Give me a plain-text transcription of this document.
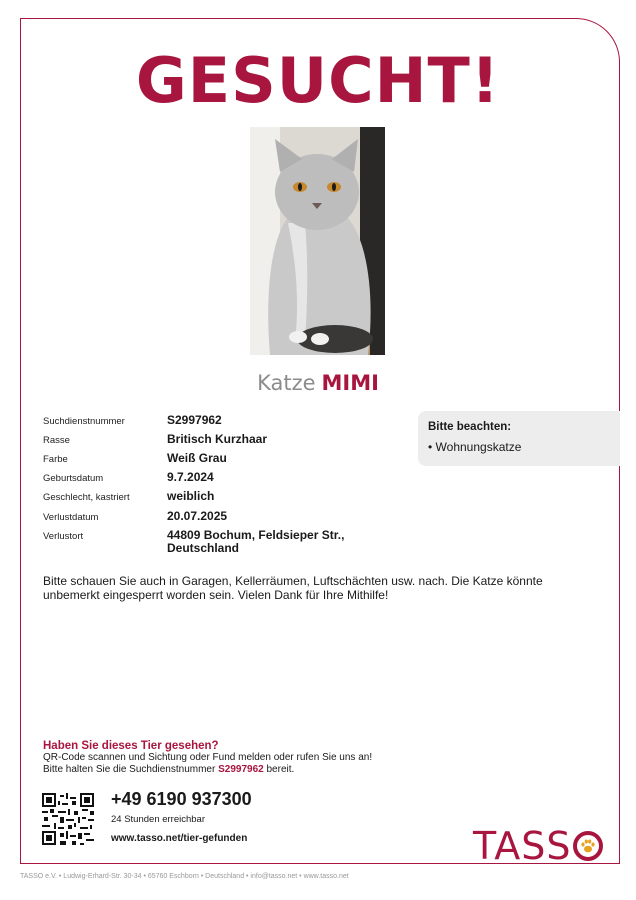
GESUCHT!
Katze MIMI
Suchdienstnummer	S2997962
Rasse	Britisch Kurzhaar
Farbe	Weiß Grau
Geburtsdatum	9.7.2024
Geschlecht, kastriert	weiblich
Verlustdatum	20.07.2025
Verlustort	44809 Bochum, Feldsieper Str., Deutschland
Bitte beachten:
• Wohnungskatze
Bitte schauen Sie auch in Garagen, Kellerräumen, Luftschächten usw. nach. Die Katze könnte unbemerkt eingesperrt worden sein. Vielen Dank für Ihre Mithilfe!
Haben Sie dieses Tier gesehen?
QR-Code scannen und Sichtung oder Fund melden oder rufen Sie uns an!
Bitte halten Sie die Suchdienstnummer S2997962 bereit.
+49 6190 937300
24 Stunden erreichbar
www.tasso.net/tier-gefunden	TASS
TASSO e.V. • Ludwig-Erhard-Str. 30-34 • 65760 Eschborn • Deutschland • info@tasso.net • www.tasso.net
